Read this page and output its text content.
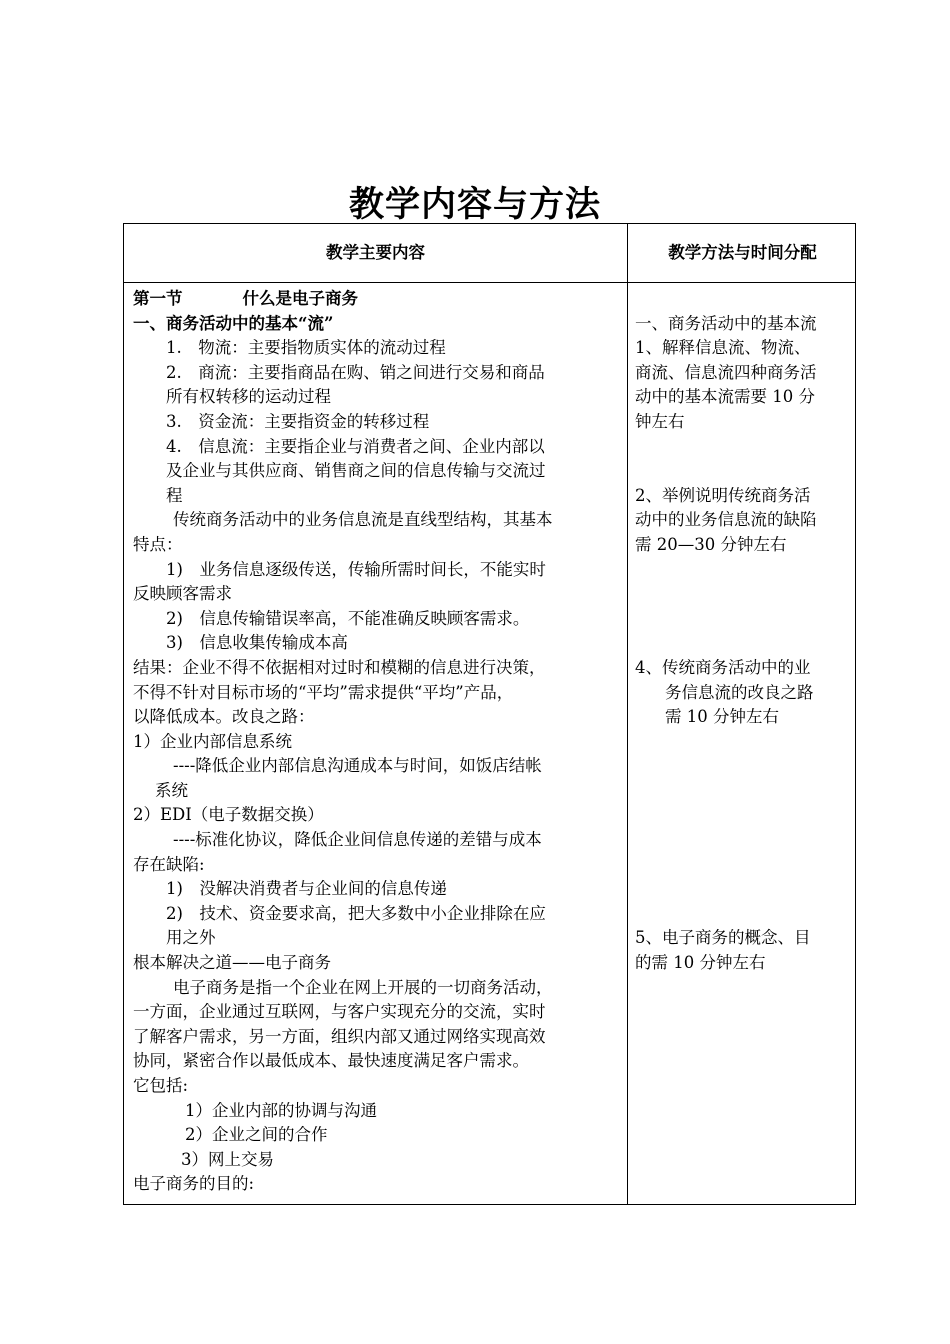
教学内容与方法
教学主要内容	教学方法与时间分配
第一节	什么是电子商务
一、商务活动中的基本“流”
1.　物流：主要指物质实体的流动过程
2.　商流：主要指商品在购、销之间进行交易和商品
所有权转移的运动过程
3.　资金流：主要指资金的转移过程
4.　信息流：主要指企业与消费者之间、企业内部以
及企业与其供应商、销售商之间的信息传输与交流过
程
传统商务活动中的业务信息流是直线型结构，其基本
特点：
1)　业务信息逐级传送，传输所需时间长，不能实时
反映顾客需求
2)　信息传输错误率高，不能准确反映顾客需求。
3)　信息收集传输成本高
结果：企业不得不依据相对过时和模糊的信息进行决策，
不得不针对目标市场的“平均”需求提供“平均”产品，
以降低成本。改良之路：
1）企业内部信息系统
----降低企业内部信息沟通成本与时间，如饭店结帐
系统
2）EDI（电子数据交换）
----标准化协议，降低企业间信息传递的差错与成本
存在缺陷:
1)　没解决消费者与企业间的信息传递
2)　技术、资金要求高，把大多数中小企业排除在应
用之外
根本解决之道——电子商务
电子商务是指一个企业在网上开展的一切商务活动，
一方面，企业通过互联网，与客户实现充分的交流，实时
了解客户需求，另一方面，组织内部又通过网络实现高效
协同，紧密合作以最低成本、最快速度满足客户需求。
它包括:
1）企业内部的协调与沟通
2）企业之间的合作
3）网上交易
电子商务的目的:
一、商务活动中的基本流
1、解释信息流、物流、
商流、信息流四种商务活
动中的基本流需要 10 分
钟左右
2、举例说明传统商务活
动中的业务信息流的缺陷
需 20—30 分钟左右
4、传统商务活动中的业
务信息流的改良之路
需 10 分钟左右
5、电子商务的概念、目
的需 10 分钟左右
